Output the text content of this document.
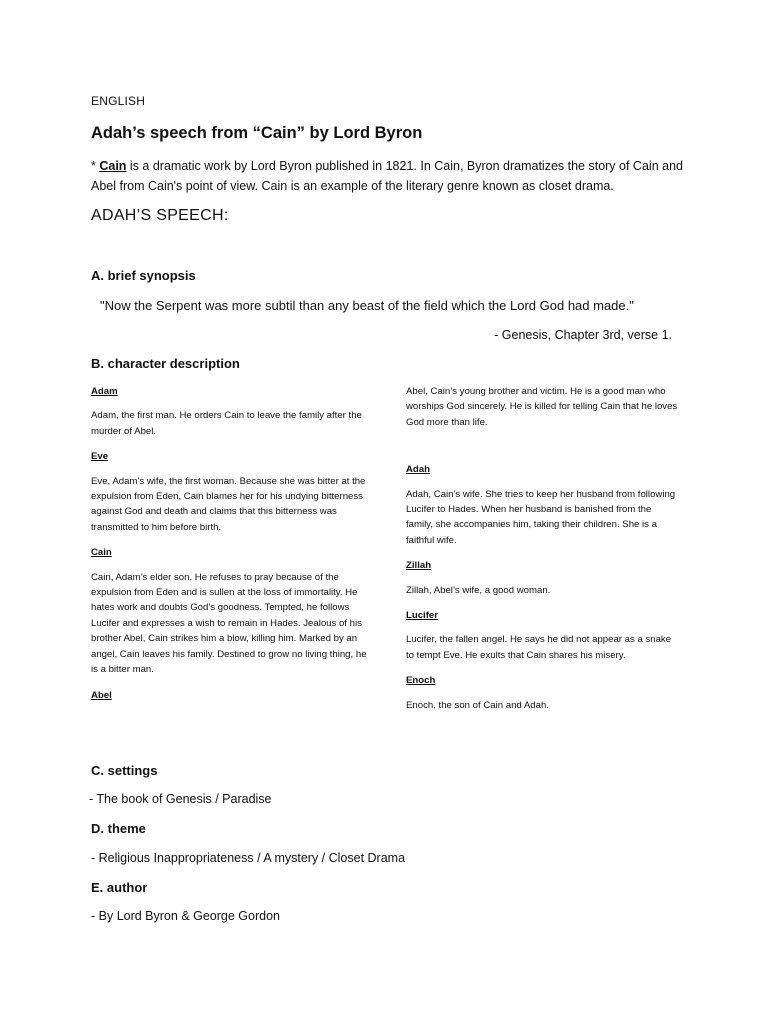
ENGLISH

Adah’s speech from “Cain” by Lord Byron

* Cain is a dramatic work by Lord Byron published in 1821. In Cain, Byron dramatizes the story of Cain and Abel from Cain's point of view. Cain is an example of the literary genre known as closet drama.

ADAH’S SPEECH:

A. brief synopsis

"Now the Serpent was more subtil than any beast of the field which the Lord God had made."

- Genesis, Chapter 3rd, verse 1.

B. character description

Adam

Adam, the first man. He orders Cain to leave the family after the murder of Abel.

Eve

Eve, Adam’s wife, the first woman. Because she was bitter at the expulsion from Eden, Cain blames her for his undying bitterness against God and death and claims that this bitterness was transmitted to him before birth.

Cain

Cain, Adam’s elder son. He refuses to pray because of the expulsion from Eden and is sullen at the loss of immortality. He hates work and doubts God’s goodness. Tempted, he follows Lucifer and expresses a wish to remain in Hades. Jealous of his brother Abel, Cain strikes him a blow, killing him. Marked by an angel, Cain leaves his family. Destined to grow no living thing, he is a bitter man.

Abel

Abel, Cain’s young brother and victim. He is a good man who worships God sincerely. He is killed for telling Cain that he loves God more than life.

Adah

Adah, Cain’s wife. She tries to keep her husband from following Lucifer to Hades. When her husband is banished from the family, she accompanies him, taking their children. She is a faithful wife.

Zillah

Zillah, Abel’s wife, a good woman.

Lucifer

Lucifer, the fallen angel. He says he did not appear as a snake to tempt Eve. He exults that Cain shares his misery.

Enoch

Enoch, the son of Cain and Adah.

C. settings

- The book of Genesis / Paradise

D. theme

- Religious Inappropriateness / A mystery / Closet Drama

E. author

- By Lord Byron & George Gordon
